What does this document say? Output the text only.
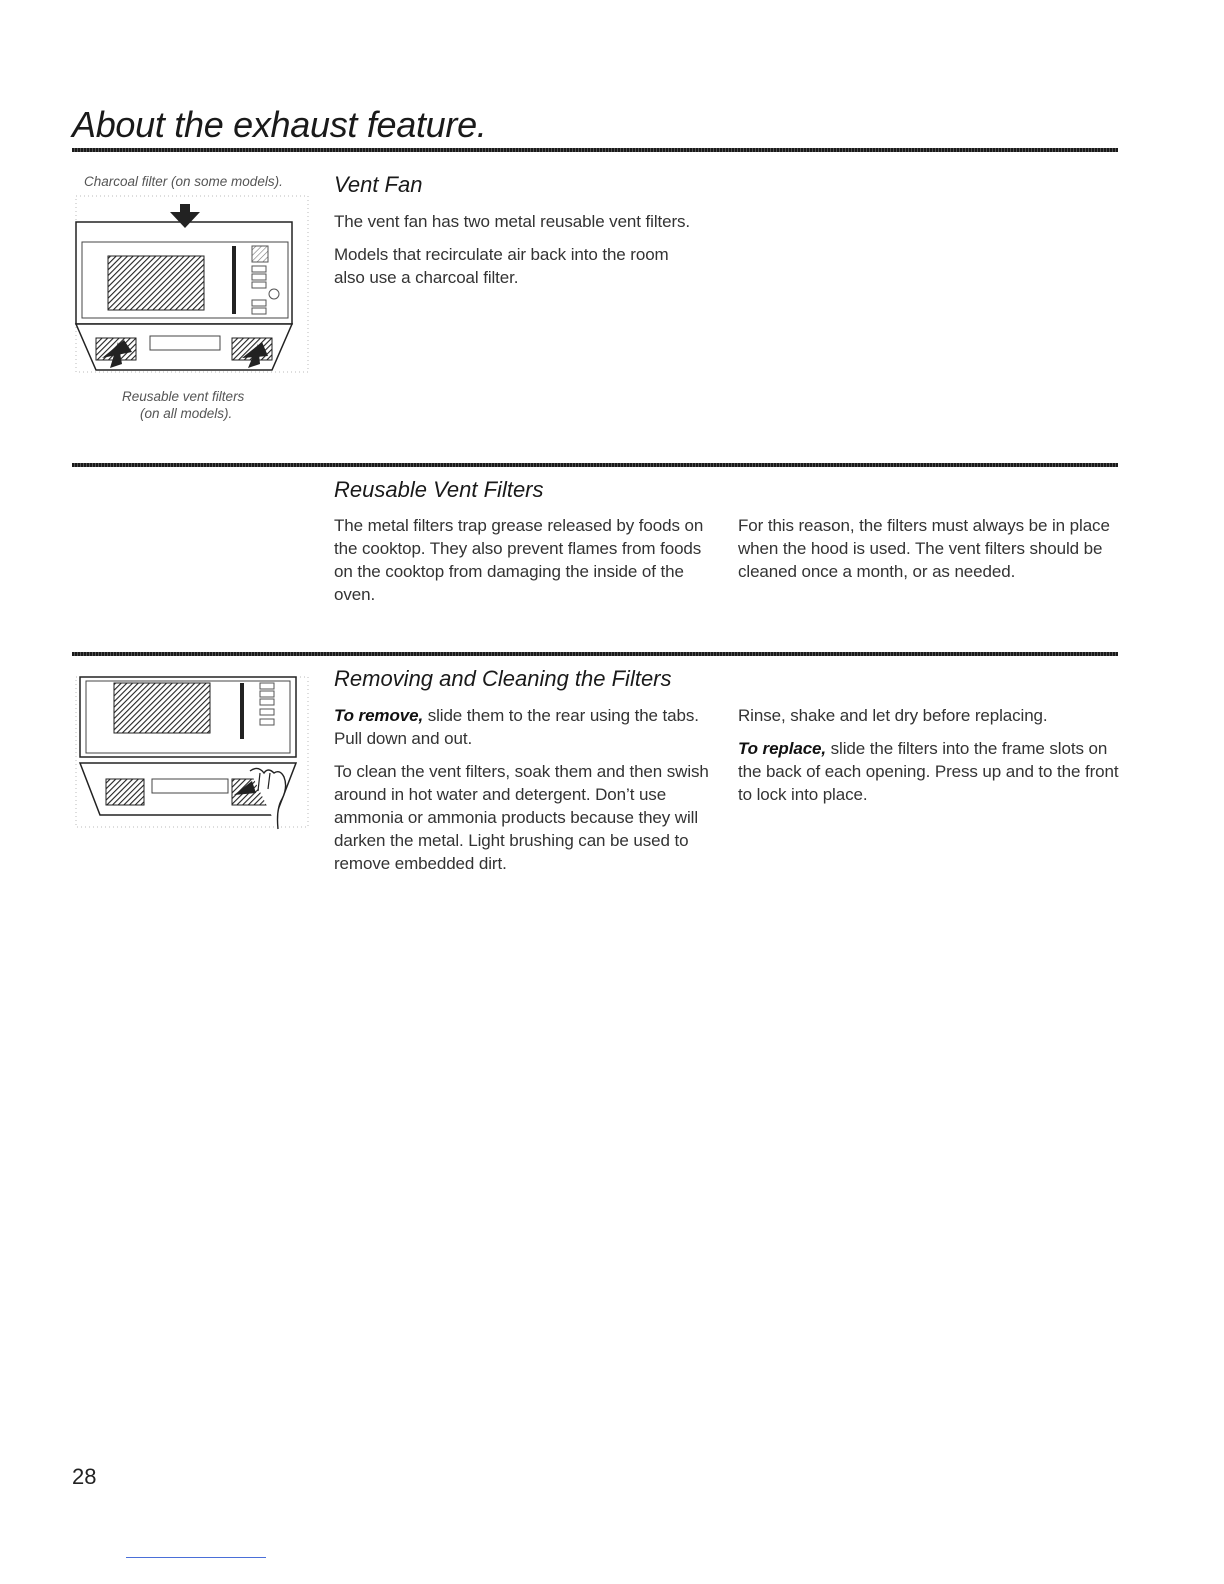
About the exhaust feature.

Charcoal filter (on some models).

Reusable vent filters

(on all models).

Vent Fan

The vent fan has two metal reusable vent filters.

Models that recirculate air back into the room also use a charcoal filter.

Reusable Vent Filters

The metal filters trap grease released by foods on the cooktop. They also prevent flames from foods on the cooktop from damaging the inside of the oven.

For this reason, the filters must always be in place when the hood is used. The vent filters should be cleaned once a month, or as needed.

Removing and Cleaning the Filters

To remove, slide them to the rear using the tabs. Pull down and out.

To clean the vent filters, soak them and then swish around in hot water and detergent. Don’t use ammonia or ammonia products because they will darken the metal. Light brushing can be used to remove embedded dirt.

Rinse, shake and let dry before replacing.

To replace, slide the filters into the frame slots on the back of each opening. Press up and to the front to lock into place.

28
